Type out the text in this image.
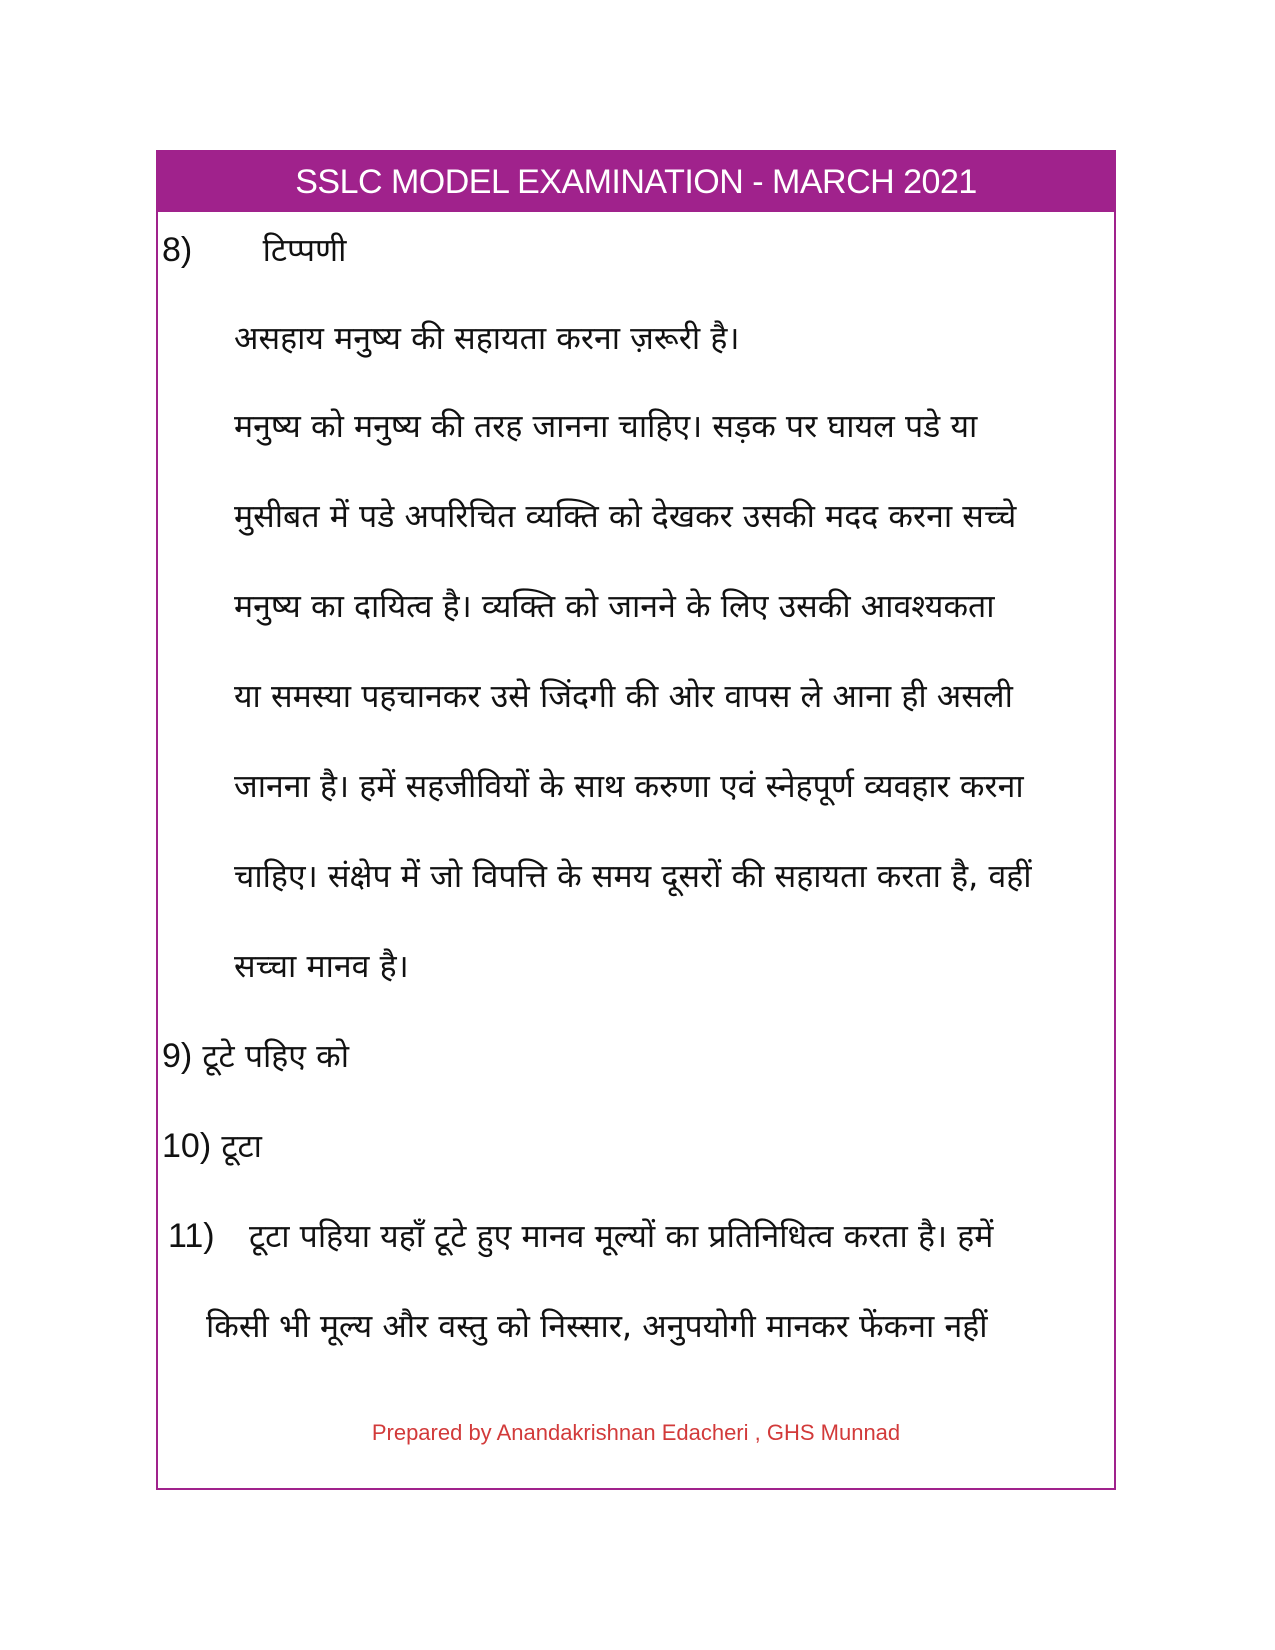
SSLC MODEL EXAMINATION - MARCH 2021
8) टिप्पणी
असहाय मनुष्य की सहायता करना ज़रूरी है।
मनुष्य को मनुष्य की तरह जानना चाहिए। सड़क पर घायल पडे या
मुसीबत में पडे अपरिचित व्यक्ति को देखकर उसकी मदद करना सच्चे
मनुष्य का दायित्व है। व्यक्ति को जानने के लिए उसकी आवश्यकता
या समस्या पहचानकर उसे जिंदगी की ओर वापस ले आना ही असली
जानना है। हमें सहजीवियों के साथ करुणा एवं स्नेहपूर्ण व्यवहार करना
चाहिए। संक्षेप में जो विपत्ति के समय दूसरों की सहायता करता है, वहीं
सच्चा मानव है।
9) टूटे पहिए को
10) टूटा
11) टूटा पहिया यहाँ टूटे हुए मानव मूल्यों का प्रतिनिधित्व करता है। हमें
किसी भी मूल्य और वस्तु को निस्सार, अनुपयोगी मानकर फेंकना नहीं
Prepared by Anandakrishnan Edacheri , GHS Munnad
